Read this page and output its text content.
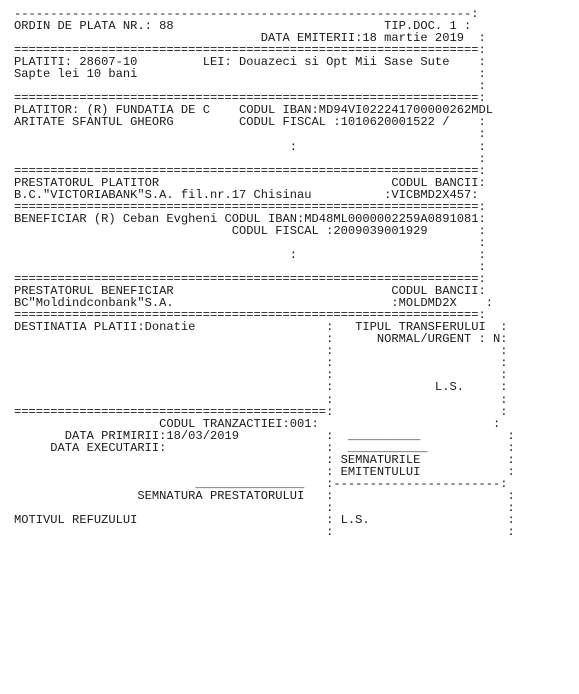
---------------------------------------------------------------:
ORDIN DE PLATA NR.: 88                             TIP.DOC. 1 :
DATA EMITERII:18 martie 2019  :
================================================================:
PLATITI: 28607-10         LEI: Douazeci si Opt Mii Sase Sute    :
Sapte lei 10 bani                                               :
:
================================================================:
PLATITOR: (R) FUNDATIA DE C    CODUL IBAN:MD94VI022241700000262MDL
ARITATE SFANTUL GHEORG         CODUL FISCAL :1010620001522 /    :
:
:                         :
:
================================================================:
PRESTATORUL PLATITOR                                CODUL BANCII:
B.C."VICTORIABANK"S.A. fil.nr.17 Chisinau          :VICBMD2X457:
================================================================:
BENEFICIAR (R) Ceban Evgheni CODUL IBAN:MD48ML0000002259A0891081:
CODUL FISCAL :2009039001929       :
:
:                         :
:
================================================================:
PRESTATORUL BENEFICIAR                              CODUL BANCII:
BC"Moldindconbank"S.A.                              :MOLDMD2X    :
================================================================:
DESTINATIA PLATII:Donatie                  :   TIPUL TRANSFERULUI  :
:      NORMAL/URGENT : N:
:                       :
:                       :
:                       :
:              L.S.     :
:                       :
===========================================:                       :
CODUL TRANZACTIEI:001:                        :
DATA PRIMIRII:18/03/2019            :  __________            :
DATA EXECUTARII:                      :  ___________           :
: SEMNATURILE            :
: EMITENTULUI            :
_______________   :-----------------------:
SEMNATURA PRESTATORULUI   :                        :
:                        :
MOTIVUL REFUZULUI                          : L.S.                   :
:                        :
